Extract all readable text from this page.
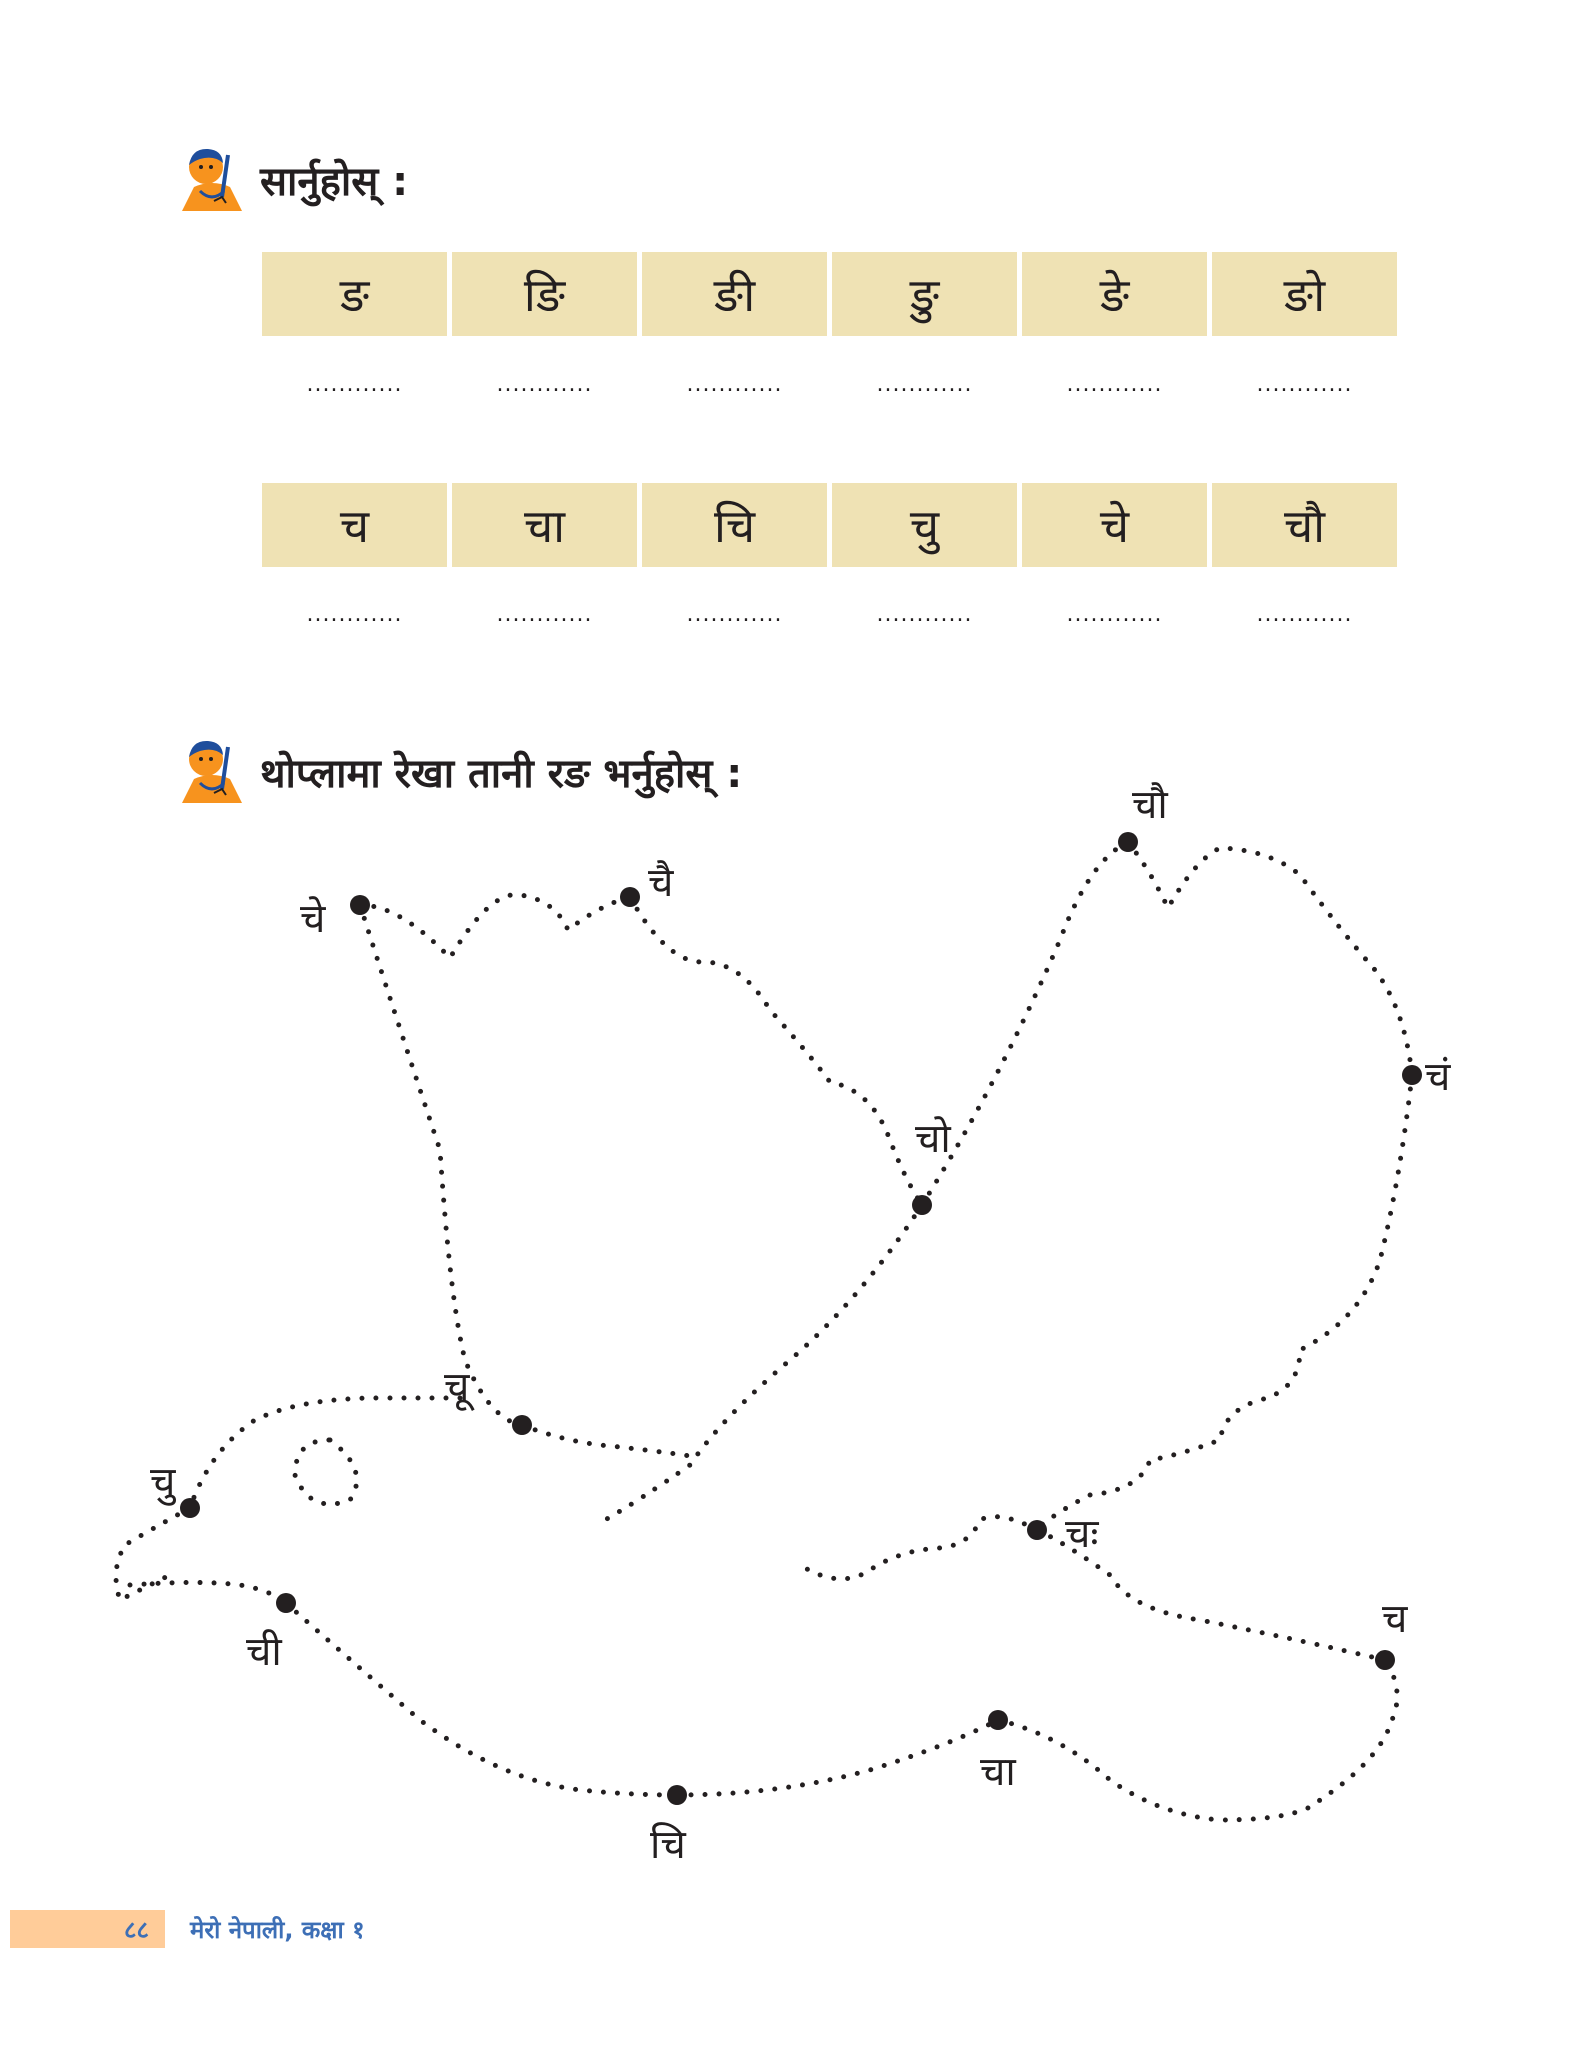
सार्नुहोस् :
ङ	ङि	ङी	ङु	ङे	ङो
............	............	............	............	............	............
च	चा	चि	चु	चे	चौ
............	............	............	............	............	............
थोप्लामा रेखा तानी रङ भर्नुहोस् :
चे
चै
चौ
चो
चं
चू
चु
ची
चि
चा
चः
च
८८ मेरो नेपाली, कक्षा १
